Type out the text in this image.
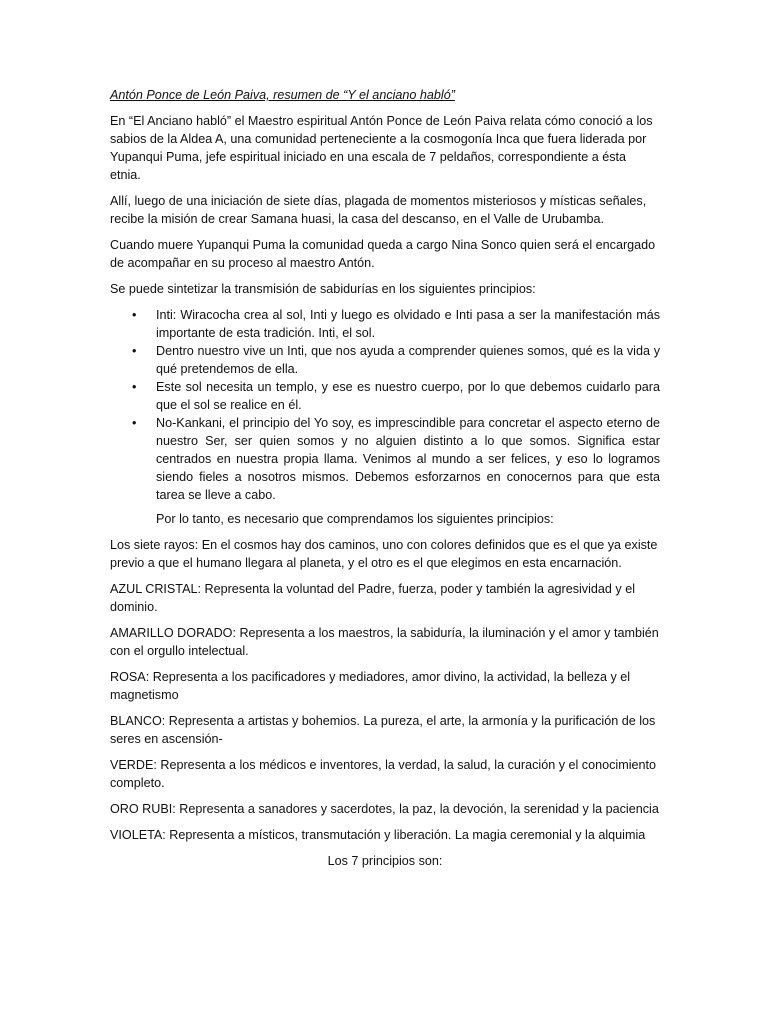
Antón Ponce de León Paiva, resumen de “Y el anciano habló”

En “El Anciano habló” el Maestro espiritual Antón Ponce de León Paiva relata cómo conoció a los sabios de la Aldea A, una comunidad perteneciente a la cosmogonía Inca que fuera liderada por Yupanqui Puma, jefe espiritual iniciado en una escala de 7 peldaños, correspondiente a ésta etnia.

Allí, luego de una iniciación de siete días, plagada de momentos misteriosos y místicas señales, recibe la misión de crear Samana huasi, la casa del descanso, en el Valle de Urubamba.

Cuando muere Yupanqui Puma la comunidad queda a cargo Nina Sonco quien será el encargado de acompañar en su proceso al maestro Antón.

Se puede sintetizar la transmisión de sabidurías en los siguientes principios:

• Inti: Wiracocha crea al sol, Inti y luego es olvidado e Inti pasa a ser la manifestación más importante de esta tradición. Inti, el sol.
• Dentro nuestro vive un Inti, que nos ayuda a comprender quienes somos, qué es la vida y qué pretendemos de ella.
• Este sol necesita un templo, y ese es nuestro cuerpo, por lo que debemos cuidarlo para que el sol se realice en él.
• No-Kankani, el principio del Yo soy, es imprescindible para concretar el aspecto eterno de nuestro Ser, ser quien somos y no alguien distinto a lo que somos. Significa estar centrados en nuestra propia llama. Venimos al mundo a ser felices, y eso lo logramos siendo fieles a nosotros mismos. Debemos esforzarnos en conocernos para que esta tarea se lleve a cabo.

Por lo tanto, es necesario que comprendamos los siguientes principios:

Los siete rayos: En el cosmos hay dos caminos, uno con colores definidos que es el que ya existe previo a que el humano llegara al planeta, y el otro es el que elegimos en esta encarnación.

AZUL CRISTAL: Representa la voluntad del Padre, fuerza, poder y también la agresividad y el dominio.

AMARILLO DORADO: Representa a los maestros, la sabiduría, la iluminación y el amor y también con el orgullo intelectual.

ROSA: Representa a los pacificadores y mediadores, amor divino, la actividad, la belleza y el magnetismo

BLANCO: Representa a artistas y bohemios. La pureza, el arte, la armonía y la purificación de los seres en ascensión-

VERDE: Representa a los médicos e inventores, la verdad, la salud, la curación y el conocimiento completo.

ORO RUBI: Representa a sanadores y sacerdotes, la paz, la devoción, la serenidad y la paciencia

VIOLETA: Representa a místicos, transmutación y liberación. La magia ceremonial y la alquimia

Los 7 principios son:
